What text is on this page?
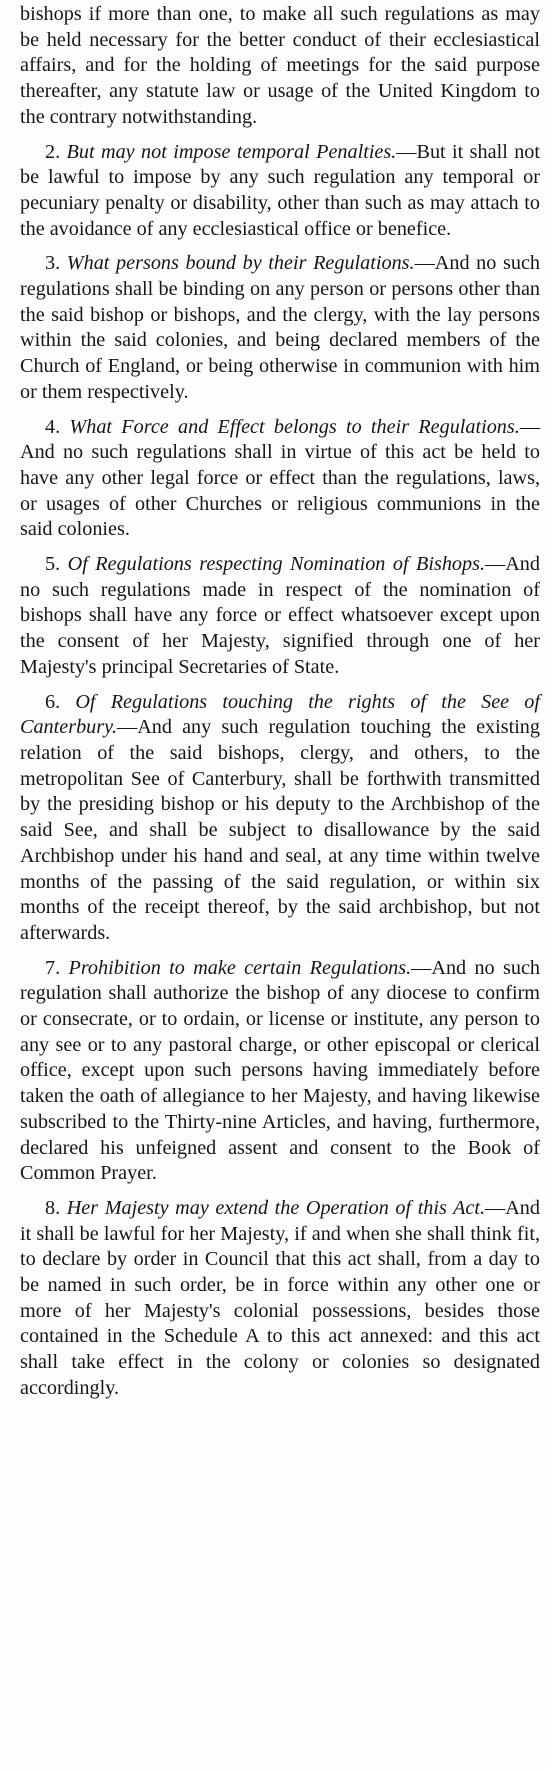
bishops if more than one, to make all such regulations as may be held necessary for the better conduct of their ecclesiastical affairs, and for the holding of meetings for the said purpose thereafter, any statute law or usage of the United Kingdom to the contrary notwithstanding.

2. But may not impose temporal Penalties.—But it shall not be lawful to impose by any such regulation any temporal or pecuniary penalty or disability, other than such as may attach to the avoidance of any ecclesiastical office or benefice.

3. What persons bound by their Regulations.—And no such regulations shall be binding on any person or persons other than the said bishop or bishops, and the clergy, with the lay persons within the said colonies, and being declared members of the Church of England, or being otherwise in communion with him or them respectively.

4. What Force and Effect belongs to their Regulations.—And no such regulations shall in virtue of this act be held to have any other legal force or effect than the regulations, laws, or usages of other Churches or religious communions in the said colonies.

5. Of Regulations respecting Nomination of Bishops.—And no such regulations made in respect of the nomination of bishops shall have any force or effect whatsoever except upon the consent of her Majesty, signified through one of her Majesty's principal Secretaries of State.

6. Of Regulations touching the rights of the See of Canterbury.—And any such regulation touching the existing relation of the said bishops, clergy, and others, to the metropolitan See of Canterbury, shall be forthwith transmitted by the presiding bishop or his deputy to the Archbishop of the said See, and shall be subject to disallowance by the said Archbishop under his hand and seal, at any time within twelve months of the passing of the said regulation, or within six months of the receipt thereof, by the said archbishop, but not afterwards.

7. Prohibition to make certain Regulations.—And no such regulation shall authorize the bishop of any diocese to confirm or consecrate, or to ordain, or license or institute, any person to any see or to any pastoral charge, or other episcopal or clerical office, except upon such persons having immediately before taken the oath of allegiance to her Majesty, and having likewise subscribed to the Thirty-nine Articles, and having, furthermore, declared his unfeigned assent and consent to the Book of Common Prayer.

8. Her Majesty may extend the Operation of this Act.—And it shall be lawful for her Majesty, if and when she shall think fit, to declare by order in Council that this act shall, from a day to be named in such order, be in force within any other one or more of her Majesty's colonial possessions, besides those contained in the Schedule A to this act annexed: and this act shall take effect in the colony or colonies so designated accordingly.
